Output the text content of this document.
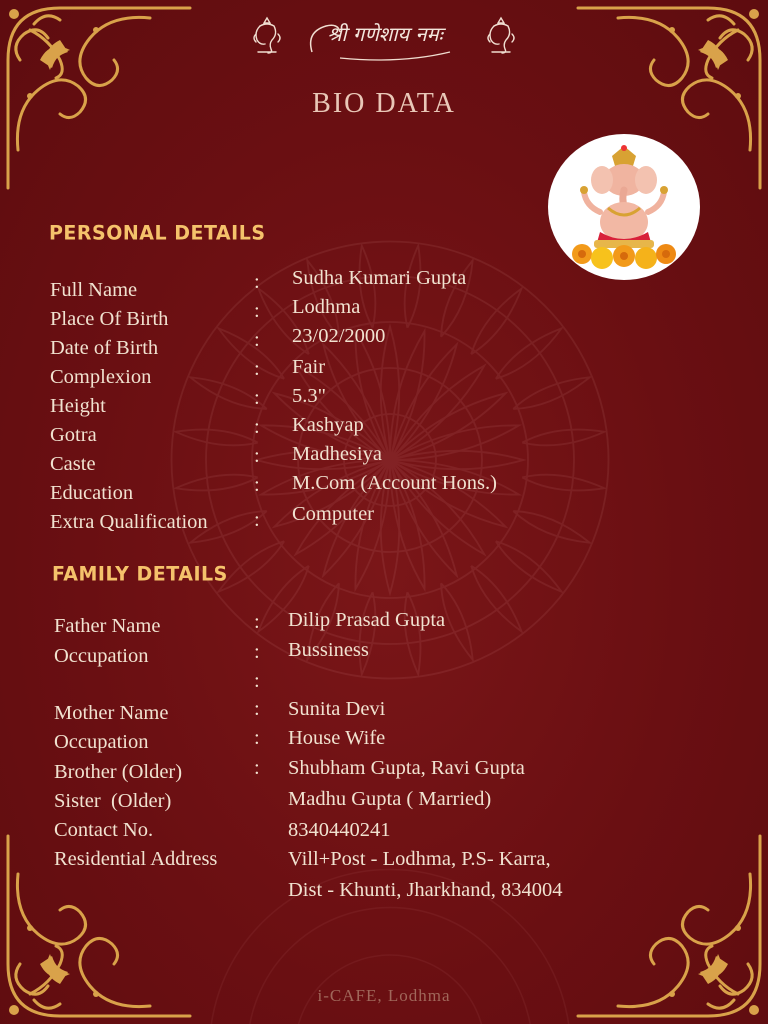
श्री गणेशाय नमः
BIO DATA
PERSONAL DETAILS
FAMILY DETAILS
Full Name	: Sudha Kumari Gupta
Place Of Birth	: Lodhma
Date of Birth	: 23/02/2000
Complexion	: Fair
Height	: 5.3"
Gotra	: Kashyap
Caste	: Madhesiya
Education	: M.Com (Account Hons.)
Extra Qualification : Computer
Father Name	: Dilip Prasad Gupta
Occupation	: Bussiness
:
Mother Name	: Sunita Devi
Occupation	: House Wife
Brother (Older)	: Shubham Gupta, Ravi Gupta
Sister  (Older)	Madhu Gupta ( Married)
Contact No.	8340440241
Residential Address	Vill+Post - Lodhma, P.S- Karra,
Dist - Khunti, Jharkhand, 834004
i-CAFE, Lodhma
